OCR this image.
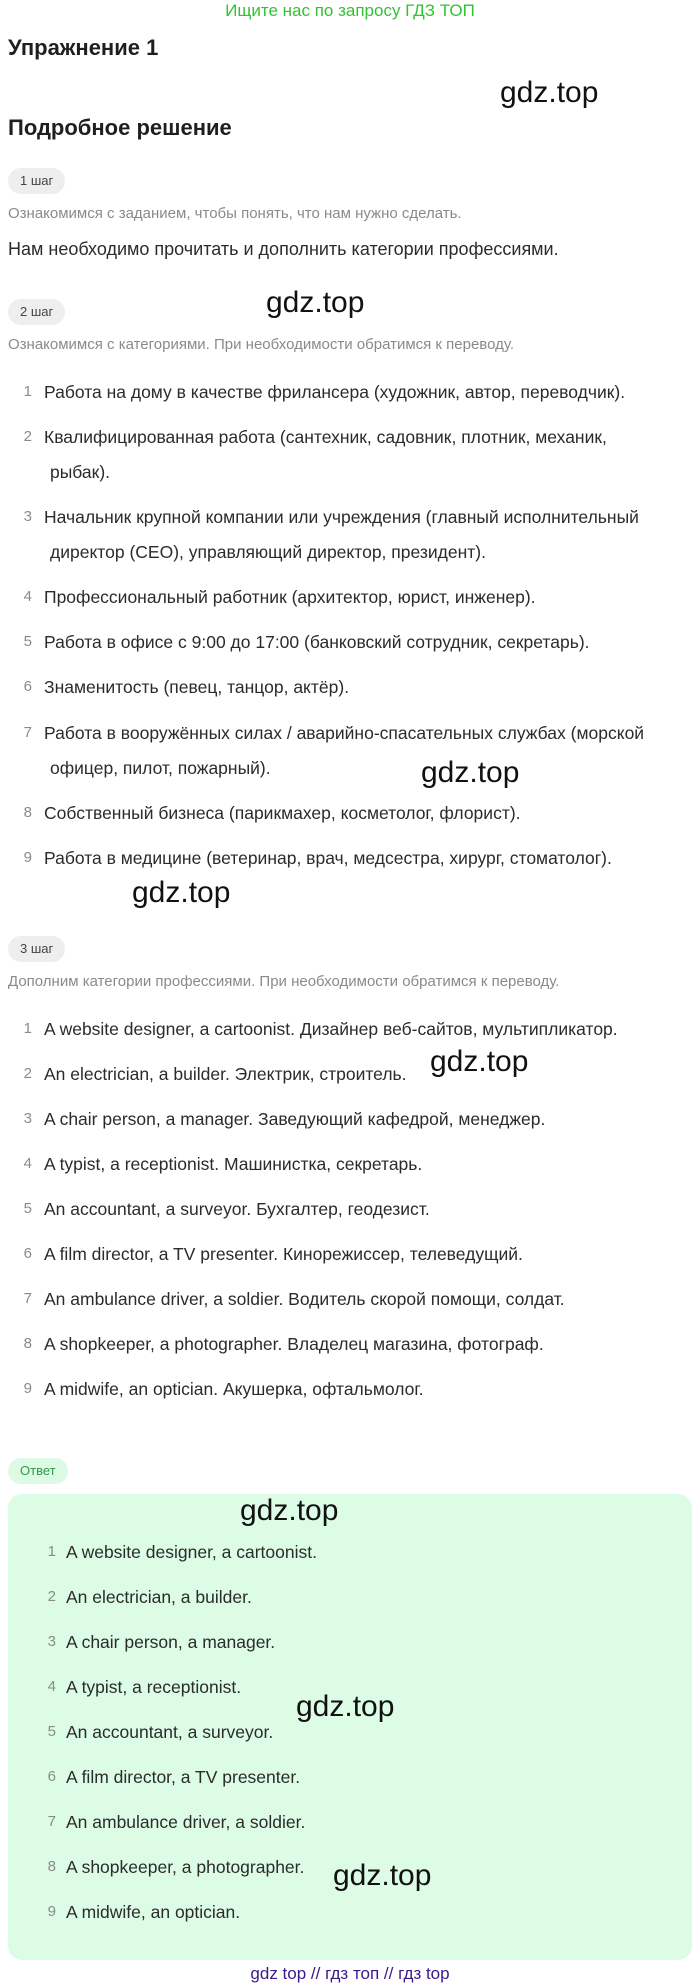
Ищите нас по запросу ГДЗ ТОП
Упражнение 1
Подробное решение
gdz.top
gdz.top
gdz.top
gdz.top
gdz.top
1 шаг
Ознакомимся с заданием, чтобы понять, что нам нужно сделать.
Нам необходимо прочитать и дополнить категории профессиями.
2 шаг
Ознакомимся с категориями. При необходимости обратимся к переводу.
1 Работа на дому в качестве фрилансера (художник, автор, переводчик).
2 Квалифицированная работа (сантехник, садовник, плотник, механик,
рыбак).
3 Начальник крупной компании или учреждения (главный исполнительный
директор (CEO), управляющий директор, президент).
4 Профессиональный работник (архитектор, юрист, инженер).
5 Работа в офисе с 9:00 до 17:00 (банковский сотрудник, секретарь).
6 Знаменитость (певец, танцор, актёр).
7 Работа в вооружённых силах / аварийно-спасательных службах (морской
офицер, пилот, пожарный).
8 Собственный бизнеса (парикмахер, косметолог, флорист).
9 Работа в медицине (ветеринар, врач, медсестра, хирург, стоматолог).
3 шаг
Дополним категории профессиями. При необходимости обратимся к переводу.
1 A website designer, a cartoonist. Дизайнер веб-сайтов, мультипликатор.
2 An electrician, a builder. Электрик, строитель.
3 A chair person, a manager. Заведующий кафедрой, менеджер.
4 A typist, a receptionist. Машинистка, секретарь.
5 An accountant, a surveyor. Бухгалтер, геодезист.
6 A film director, a TV presenter. Кинорежиссер, телеведущий.
7 An ambulance driver, a soldier. Водитель скорой помощи, солдат.
8 A shopkeeper, a photographer. Владелец магазина, фотограф.
9 A midwife, an optician. Акушерка, офтальмолог.
Ответ
gdz.top
gdz.top
gdz.top
1 A website designer, a cartoonist.
2 An electrician, a builder.
3 A chair person, a manager.
4 A typist, a receptionist.
5 An accountant, a surveyor.
6 A film director, a TV presenter.
7 An ambulance driver, a soldier.
8 A shopkeeper, a photographer.
9 A midwife, an optician.
gdz top // гдз топ // гдз top
